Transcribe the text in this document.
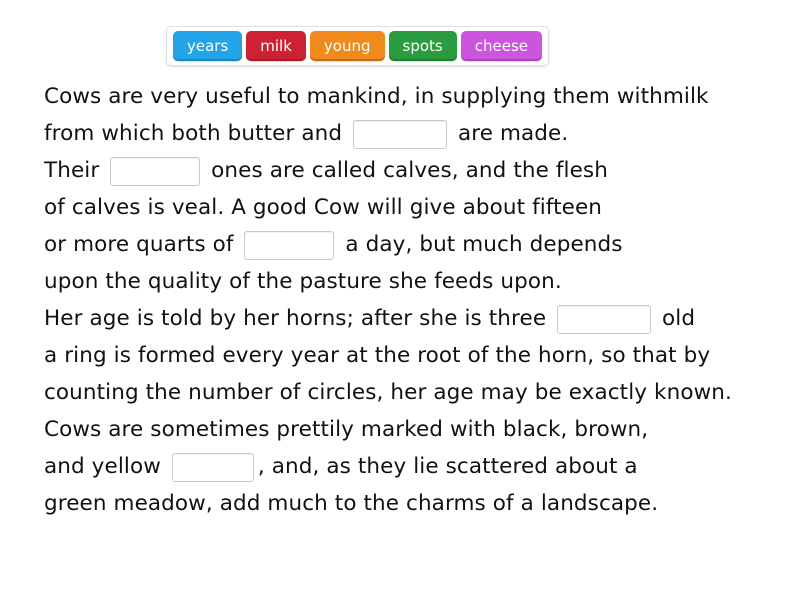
years	milk	young	spots	cheese
Cows are very useful to mankind, in supplying them withmilk from which both butter and	are made.
Their	ones are called calves, and the flesh
of calves is veal. A good Cow will give about fifteen
or more quarts of	a day, but much depends
upon the quality of the pasture she feeds upon.
Her age is told by her horns; after she is three	old
a ring is formed every year at the root of the horn, so that by
counting the number of circles, her age may be exactly known.
Cows are sometimes prettily marked with black, brown,
and yellow	, and, as they lie scattered about a
green meadow, add much to the charms of a landscape.
